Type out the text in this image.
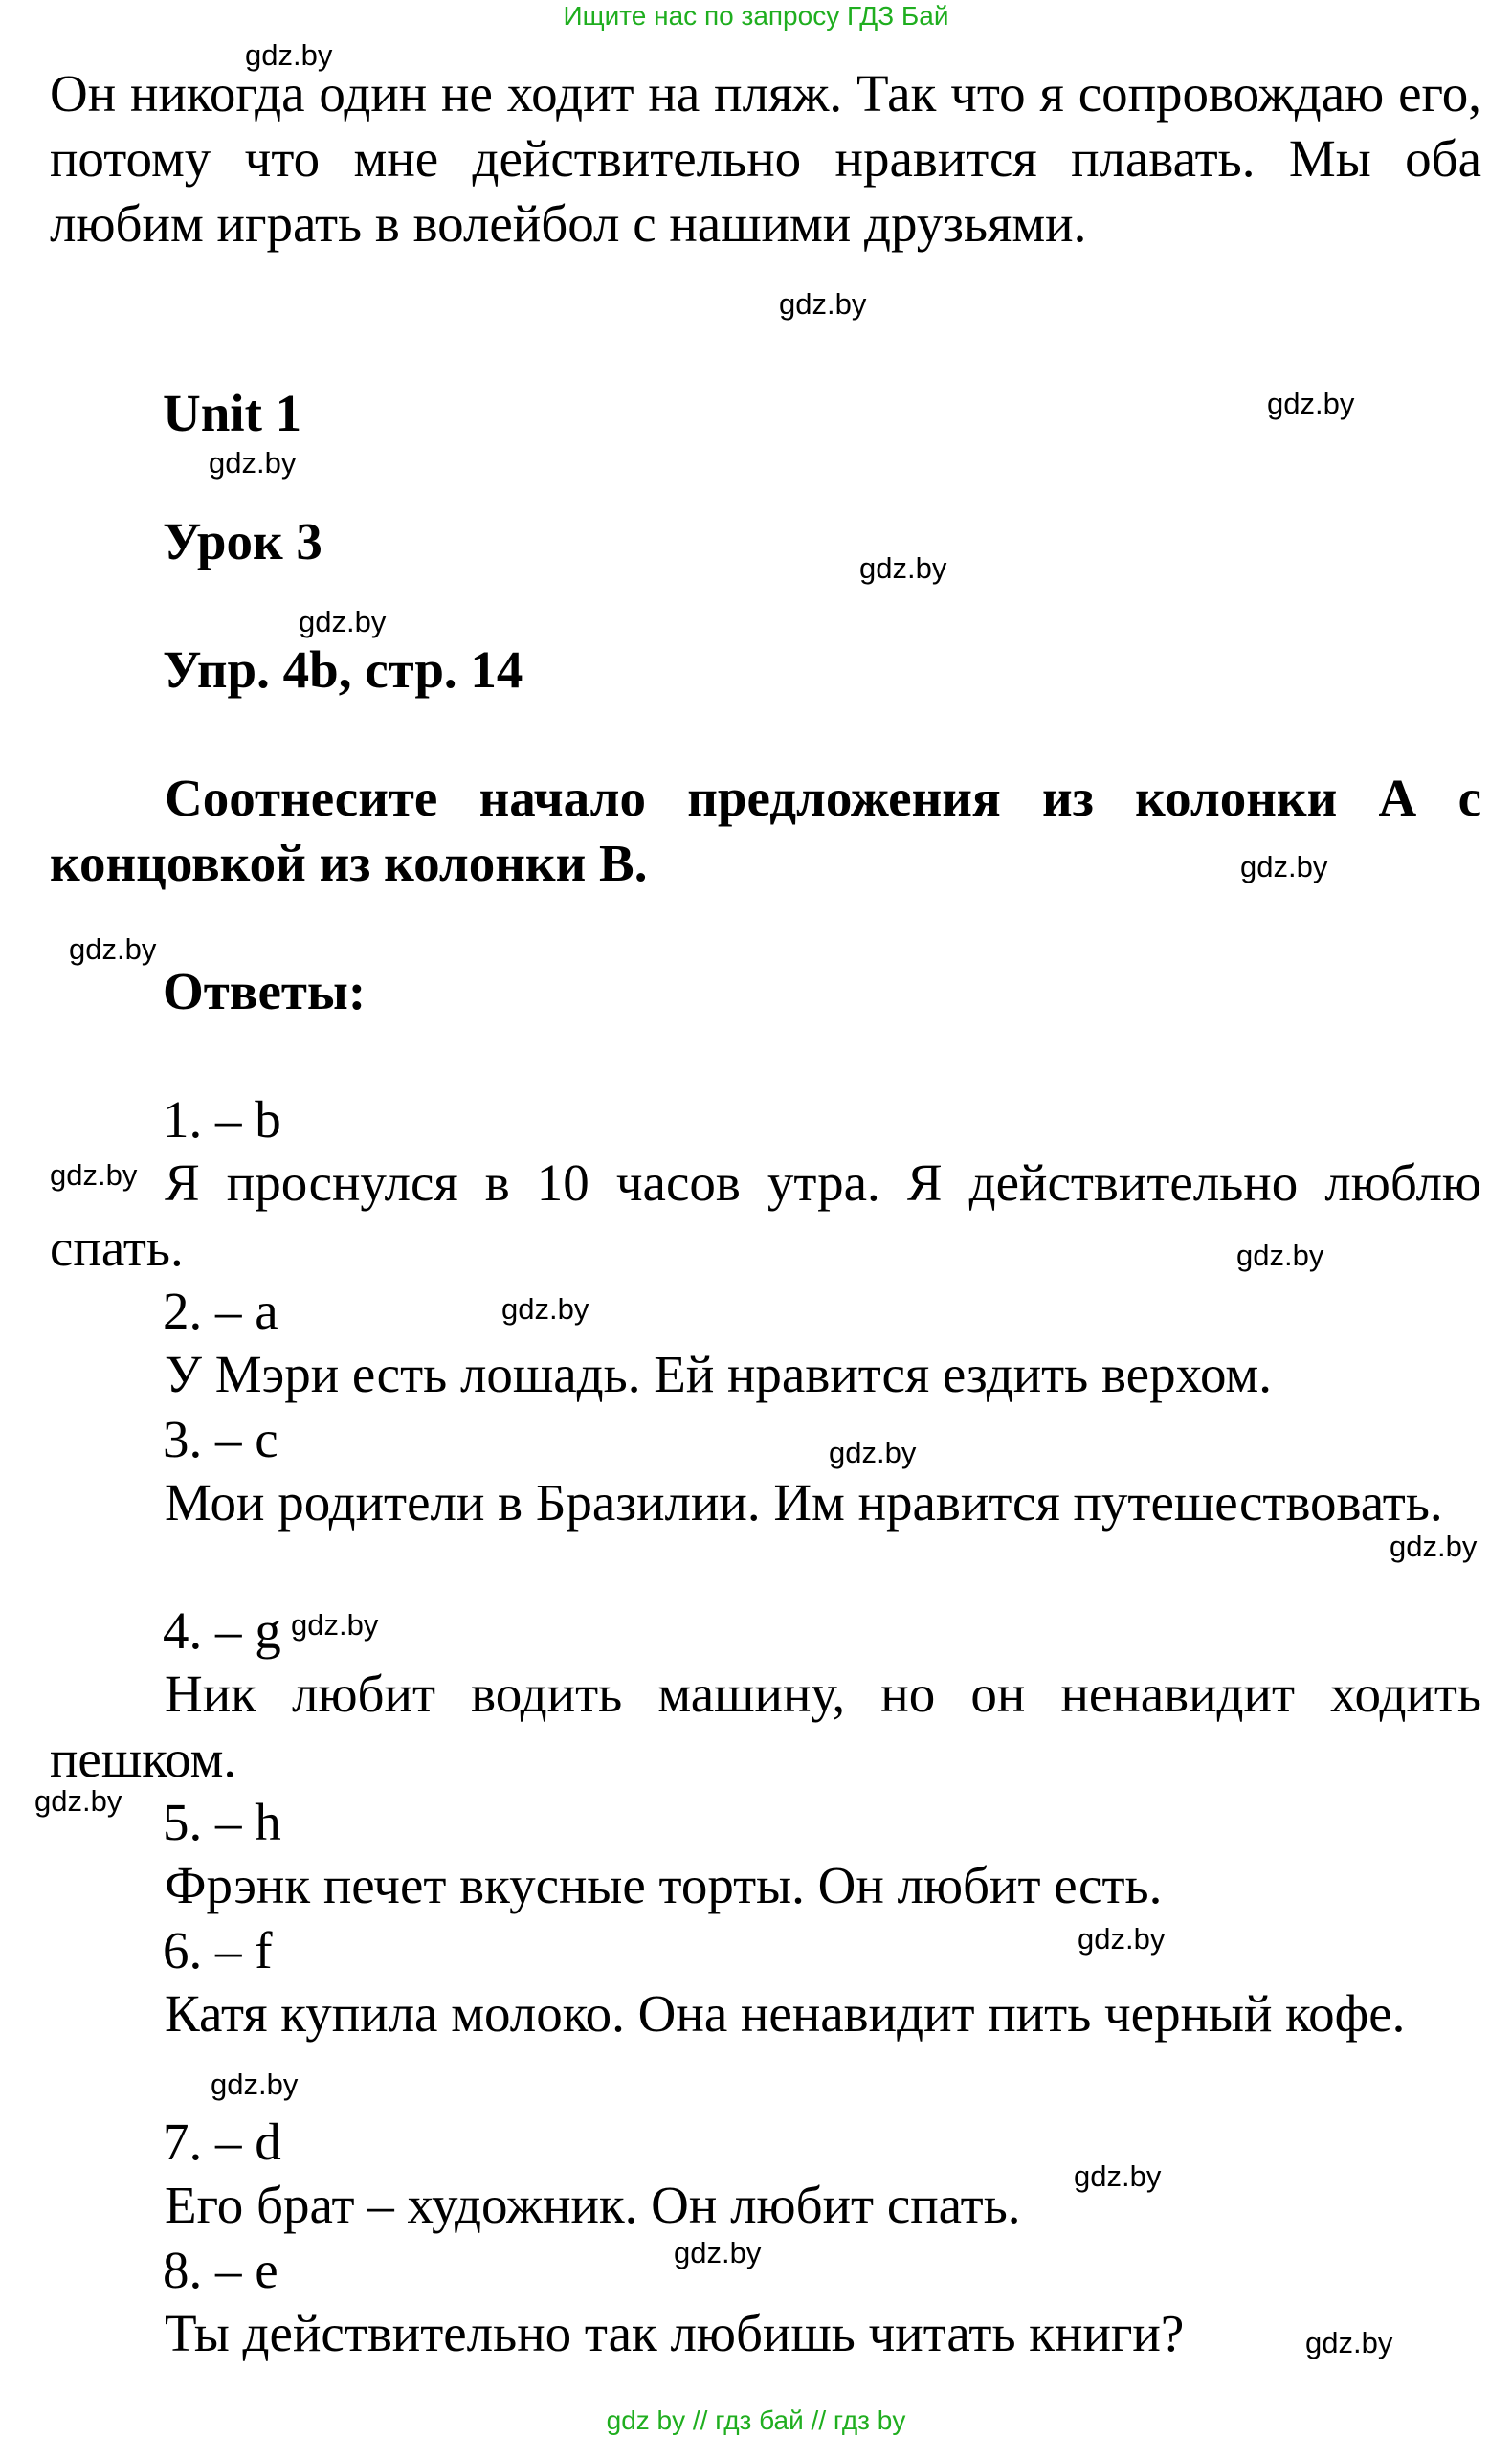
Ищите нас по запросу ГДЗ Бай
Он никогда один не ходит на пляж. Так что я сопровождаю его, потому что мне действительно нравится плавать. Мы оба любим играть в волейбол с нашими друзьями.
Unit 1
Урок 3
Упр. 4b, стр. 14
Соотнесите начало предложения из колонки А с концовкой из колонки В.
Ответы:
1. – b
Я проснулся в 10 часов утра. Я действительно люблю спать.
2. – a
У Мэри есть лошадь. Ей нравится ездить верхом.
3. – c
Мои родители в Бразилии. Им нравится путешествовать.
4. – g
Ник любит водить машину, но он ненавидит ходить пешком.
5. – h
Фрэнк печет вкусные торты. Он любит есть.
6. – f
Катя купила молоко. Она ненавидит пить черный кофе.
7. – d
Его брат – художник. Он любит спать.
8. – e
Ты действительно так любишь читать книги?
gdz.by
gdz.by
gdz.by
gdz.by
gdz.by
gdz.by
gdz.by
gdz.by
gdz.by
gdz.by
gdz.by
gdz.by
gdz.by
gdz.by
gdz.by
gdz.by
gdz.by
gdz.by
gdz.by
gdz.by
gdz by // гдз бай // гдз by
